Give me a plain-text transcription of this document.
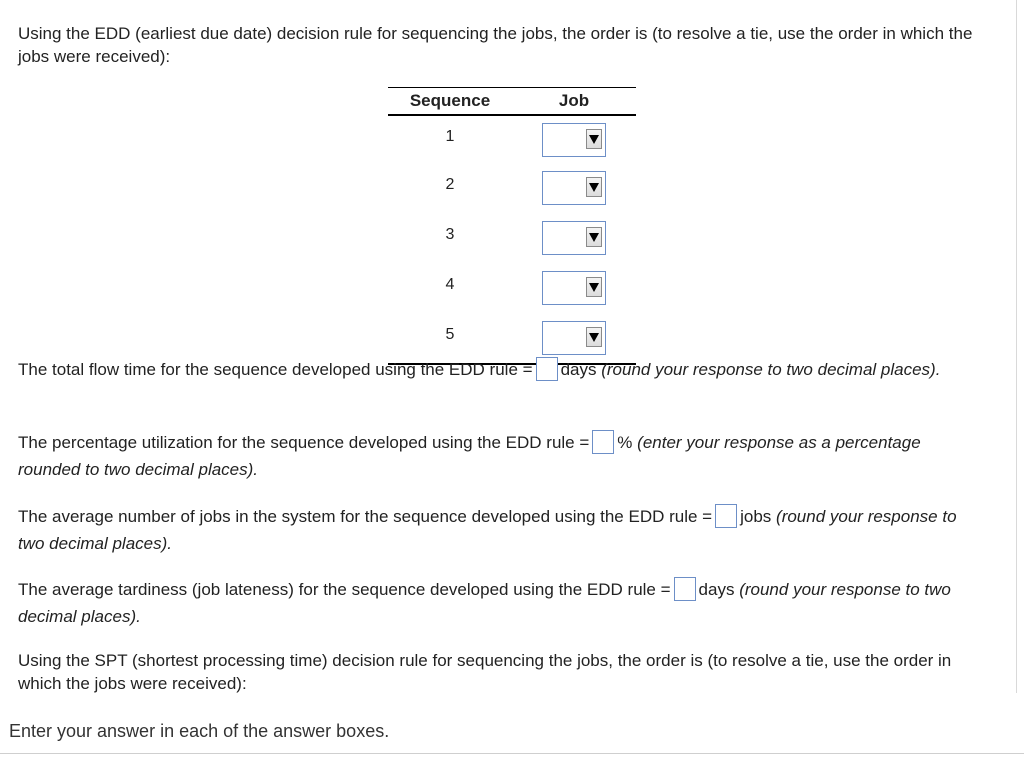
Using the EDD (earliest due date) decision rule for sequencing the jobs, the order is (to resolve a tie, use the order in which the jobs were received):

Sequence	Job
1	

2	

3	

4	

5	

The total flow time for the sequence developed using the EDD rule = days (round your response to two decimal places).

The percentage utilization for the sequence developed using the EDD rule = % (enter your response as a percentage rounded to two decimal places).

The average number of jobs in the system for the sequence developed using the EDD rule = jobs (round your response to two decimal places).

The average tardiness (job lateness) for the sequence developed using the EDD rule = days (round your response to two decimal places).

Using the SPT (shortest processing time) decision rule for sequencing the jobs, the order is (to resolve a tie, use the order in which the jobs were received):

Enter your answer in each of the answer boxes.
